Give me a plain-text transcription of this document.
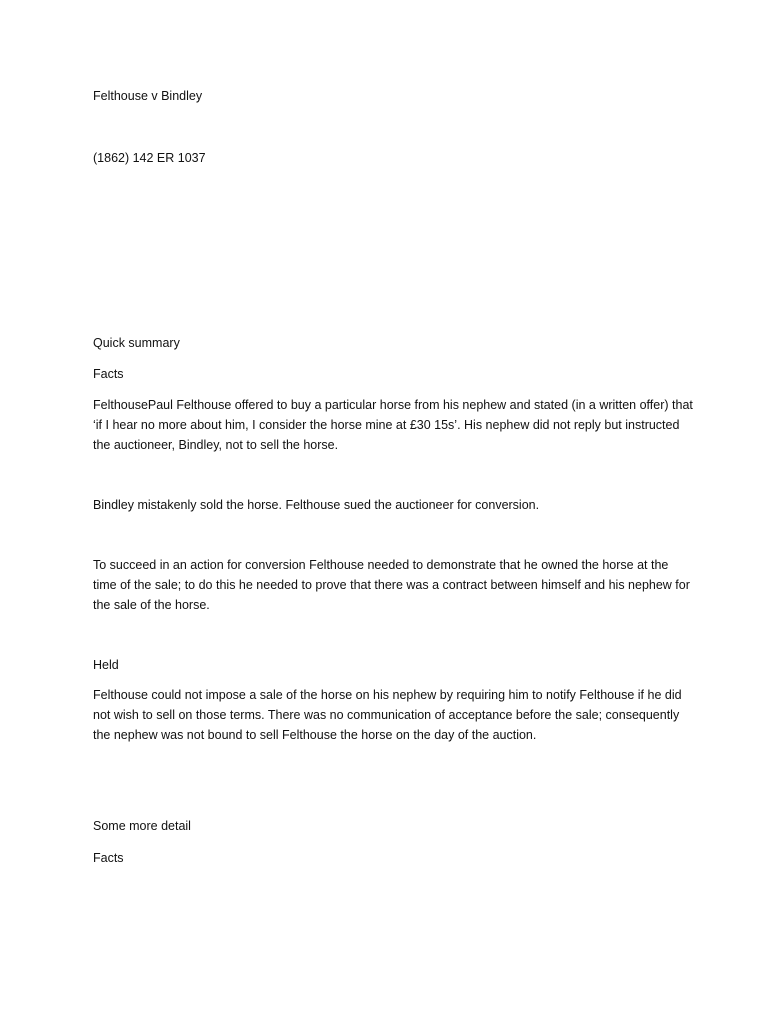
Felthouse v Bindley

(1862) 142 ER 1037

Quick summary

Facts

FelthousePaul Felthouse offered to buy a particular horse from his nephew and stated (in a written offer) that ‘if I hear no more about him, I consider the horse mine at £30 15s’. His nephew did not reply but instructed the auctioneer, Bindley, not to sell the horse.

Bindley mistakenly sold the horse. Felthouse sued the auctioneer for conversion.

To succeed in an action for conversion Felthouse needed to demonstrate that he owned the horse at the time of the sale; to do this he needed to prove that there was a contract between himself and his nephew for the sale of the horse.

Held

Felthouse could not impose a sale of the horse on his nephew by requiring him to notify Felthouse if he did not wish to sell on those terms. There was no communication of acceptance before the sale; consequently the nephew was not bound to sell Felthouse the horse on the day of the auction.

Some more detail

Facts
